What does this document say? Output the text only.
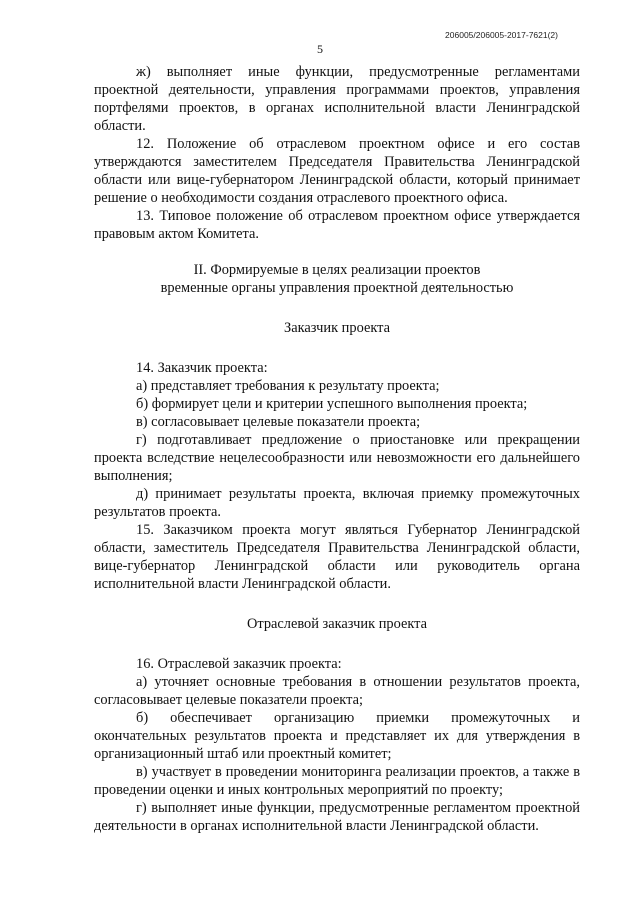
206005/206005-2017-7621(2)
5

ж) выполняет иные функции, предусмотренные регламентами проектной деятельности, управления программами проектов, управления портфелями проектов, в органах исполнительной власти Ленинградской области.

12. Положение об отраслевом проектном офисе и его состав утверждаются заместителем Председателя Правительства Ленинградской области или вице-губернатором Ленинградской области, который принимает решение о необходимости создания отраслевого проектного офиса.

13. Типовое положение об отраслевом проектном офисе утверждается правовым актом Комитета.

II. Формируемые в целях реализации проектов
временные органы управления проектной деятельностью
Заказчик проекта

14. Заказчик проекта:

а) представляет требования к результату проекта;

б) формирует цели и критерии успешного выполнения проекта;

в) согласовывает целевые показатели проекта;

г) подготавливает предложение о приостановке или прекращении проекта вследствие нецелесообразности или невозможности его дальнейшего выполнения;

д) принимает результаты проекта, включая приемку промежуточных результатов проекта.

15. Заказчиком проекта могут являться Губернатор Ленинградской области, заместитель Председателя Правительства Ленинградской области, вице-губернатор Ленинградской области или руководитель органа исполнительной власти Ленинградской области.

Отраслевой заказчик проекта

16. Отраслевой заказчик проекта:

а) уточняет основные требования в отношении результатов проекта, согласовывает целевые показатели проекта;

б) обеспечивает организацию приемки промежуточных и окончательных результатов проекта и представляет их для утверждения в организационный штаб или проектный комитет;

в) участвует в проведении мониторинга реализации проектов, а также в проведении оценки и иных контрольных мероприятий по проекту;

г) выполняет иные функции, предусмотренные регламентом проектной деятельности в органах исполнительной власти Ленинградской области.
